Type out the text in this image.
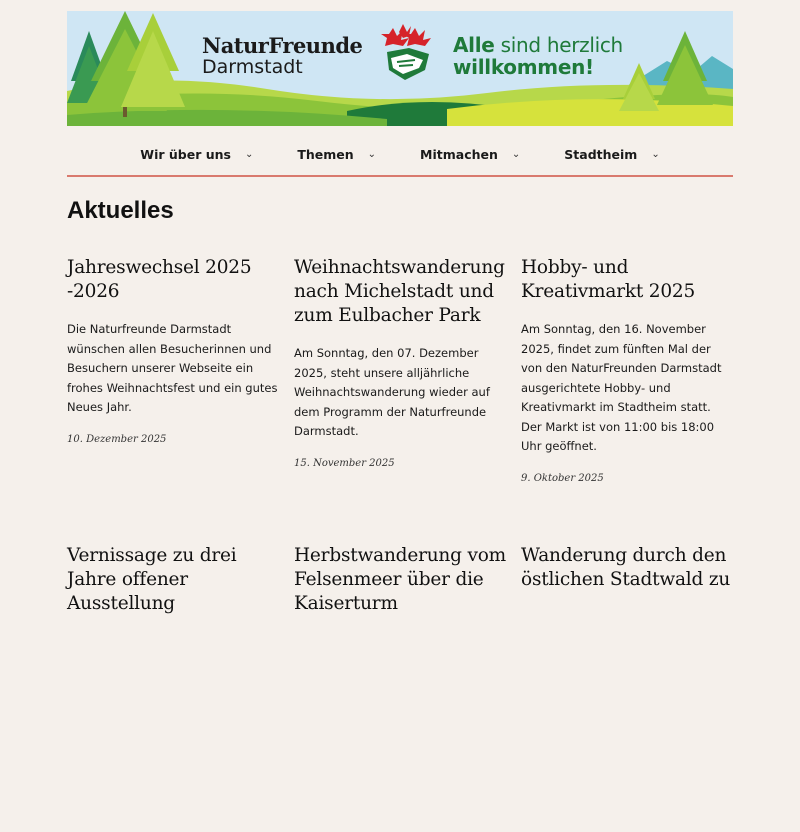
NaturFreunde
Darmstadt
Alle sind herzlich
willkommen!
Wir über uns ⌄	Themen ⌄	Mitmachen ⌄	Stadtheim ⌄
Aktuelles
Jahreswechsel 2025 -2026

Die Naturfreunde Darmstadt wünschen allen Besucherinnen und Besuchern unserer Webseite ein frohes Weihnachtsfest und ein gutes Neues Jahr.

10. Dezember 2025
Weihnachtswanderung nach Michelstadt und zum Eulbacher Park

Am Sonntag, den 07. Dezember 2025, steht unsere alljährliche Weihnachtswanderung wieder auf dem Programm der Naturfreunde Darmstadt.

15. November 2025
Hobby- und Kreativmarkt 2025

Am Sonntag, den 16. November 2025, findet zum fünften Mal der von den NaturFreunden Darmstadt ausgerichtete Hobby- und Kreativmarkt im Stadtheim statt. Der Markt ist von 11:00 bis 18:00 Uhr geöffnet.

9. Oktober 2025
Vernissage zu drei Jahre offener Ausstellung
Herbstwanderung vom Felsenmeer über die Kaiserturm
Wanderung durch den östlichen Stadtwald zu
